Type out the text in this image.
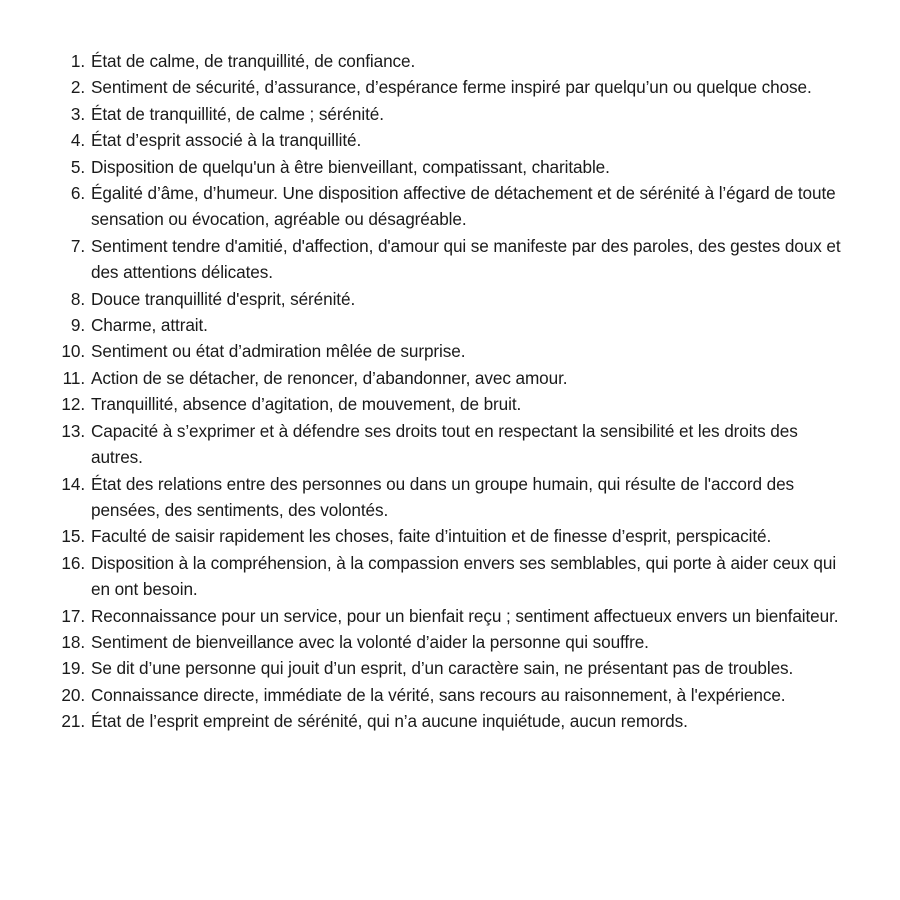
1. État de calme, de tranquillité, de confiance.
2. Sentiment de sécurité, d’assurance, d’espérance ferme inspiré par quelqu’un ou quelque chose.
3. État de tranquillité, de calme ; sérénité.
4. État d’esprit associé à la tranquillité.
5. Disposition de quelqu'un à être bienveillant, compatissant, charitable.
6. Égalité d’âme, d’humeur. Une disposition affective de détachement et de sérénité à l’égard de toute sensation ou évocation, agréable ou désagréable.
7. Sentiment tendre d'amitié, d'affection, d'amour qui se manifeste par des paroles, des gestes doux et des attentions délicates.
8. Douce tranquillité d'esprit, sérénité.
9. Charme, attrait.
10. Sentiment ou état d’admiration mêlée de surprise.
11. Action de se détacher, de renoncer, d’abandonner, avec amour.
12. Tranquillité, absence d’agitation, de mouvement, de bruit.
13. Capacité à s’exprimer et à défendre ses droits tout en respectant la sensibilité et les droits des autres.
14. État des relations entre des personnes ou dans un groupe humain, qui résulte de l'accord des pensées, des sentiments, des volontés.
15. Faculté de saisir rapidement les choses, faite d’intuition et de finesse d’esprit, perspicacité.
16. Disposition à la compréhension, à la compassion envers ses semblables, qui porte à aider ceux qui en ont besoin.
17. Reconnaissance pour un service, pour un bienfait reçu ; sentiment affectueux envers un bienfaiteur.
18. Sentiment de bienveillance avec la volonté d’aider la personne qui souffre.
19. Se dit d’une personne qui jouit d’un esprit, d’un caractère sain, ne présentant pas de troubles.
20. Connaissance directe, immédiate de la vérité, sans recours au raisonnement, à l'expérience.
21. État de l’esprit empreint de sérénité, qui n’a aucune inquiétude, aucun remords.
